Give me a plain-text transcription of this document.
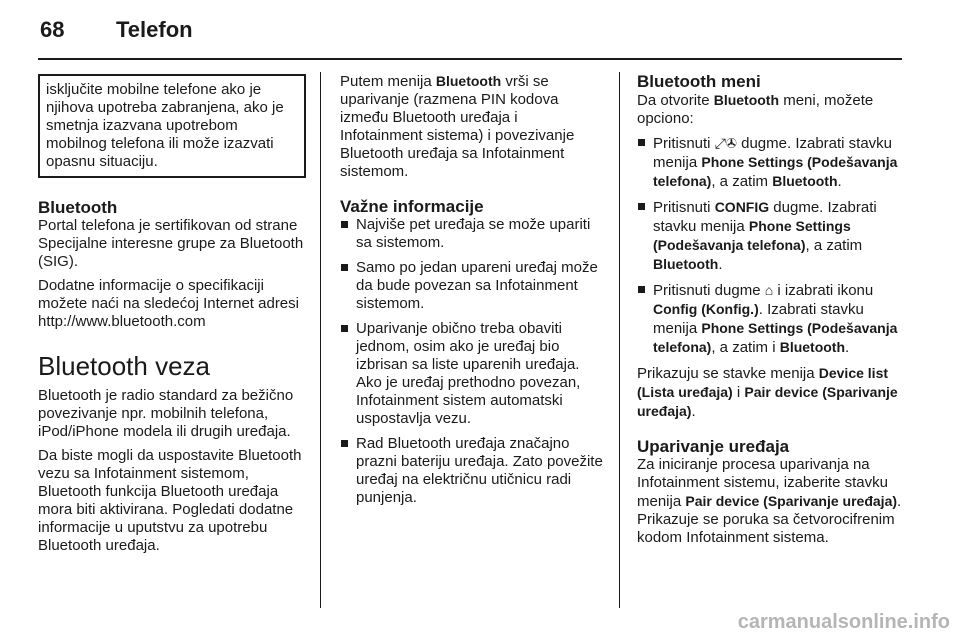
68 Telefon
isključite mobilne telefone ako je njihova upotreba zabranjena, ako je smetnja izazvana upotrebom mobilnog telefona ili može izazvati opasnu situaciju.
Bluetooth

Portal telefona je sertifikovan od strane Specijalne interesne grupe za Bluetooth (SIG).

Dodatne informacije o specifikaciji možete naći na sledećoj Internet adresi http://www.bluetooth.com

Bluetooth veza

Bluetooth je radio standard za bežično povezivanje npr. mobilnih telefona, iPod/iPhone modela ili drugih uređaja.

Da biste mogli da uspostavite Bluetooth vezu sa Infotainment sistemom, Bluetooth funkcija Bluetooth uređaja mora biti aktivirana. Pogledati dodatne informacije u uputstvu za upotrebu Bluetooth uređaja.

Putem menija Bluetooth vrši se uparivanje (razmena PIN kodova između Bluetooth uređaja i Infotainment sistema) i povezivanje Bluetooth uređaja sa Infotainment sistemom.

Važne informacije
Najviše pet uređaja se može upariti sa sistemom.
Samo po jedan upareni uređaj može da bude povezan sa Infotainment sistemom.
Uparivanje obično treba obaviti jednom, osim ako je uređaj bio izbrisan sa liste uparenih uređaja. Ako je uređaj prethodno povezan, Infotainment sistem automatski uspostavlja vezu.
Rad Bluetooth uređaja značajno prazni bateriju uređaja. Zato povežite uređaj na električnu utičnicu radi punjenja.
Bluetooth meni

Da otvorite Bluetooth meni, možete opciono:

Pritisnuti ⤢✇ dugme. Izabrati stavku menija Phone Settings (Podešavanja telefona), a zatim Bluetooth.
Pritisnuti CONFIG dugme. Izabrati stavku menija Phone Settings (Podešavanja telefona), a zatim Bluetooth.
Pritisnuti dugme ⌂ i izabrati ikonu Config (Konfig.). Izabrati stavku menija Phone Settings (Podešavanja telefona), a zatim i Bluetooth.

Prikazuju se stavke menija Device list (Lista uređaja) i Pair device (Sparivanje uređaja).

Uparivanje uređaja

Za iniciranje procesa uparivanja na Infotainment sistemu, izaberite stavku menija Pair device (Sparivanje uređaja). Prikazuje se poruka sa četvorocifrenim kodom Infotainment sistema.

carmanualsonline.info
